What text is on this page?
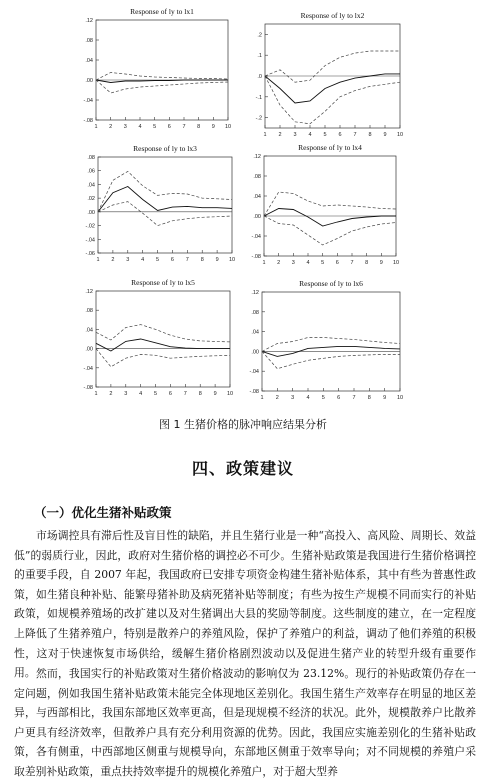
.12
.08
.04
.00
-.04
-.08
1 2 3 4 5 6 7 8 9 10
Response of ly to lx1
.2
.1
.0
-.1
-.2
1 2 3 4 5 6 7 8 9 10
Response of ly to lx2
.08
.06
.04
.02
.00
-.02
-.04
-.06
1 2 3 4 5 6 7 8 9 10
Response of ly to lx3
.12
.08
.04
.00
-.04
-.08
1 2 3 4 5 6 7 8 9 10
Response of ly to lx4
.12
.08
.04
.00
-.04
-.08
1 2 3 4 5 6 7 8 9 10
Response of ly to lx5
.12
.08
.04
.00
-.04
-.08
1 2 3 4 5 6 7 8 9 10
Response of ly to lx6
图 1 生猪价格的脉冲响应结果分析
四、政策建议
（一）优化生猪补贴政策

市场调控具有滞后性及盲目性的缺陷，并且生猪行业是一种“高投入、高风险、周期长、效益低”的弱质行业，因此，政府对生猪价格的调控必不可少。生猪补贴政策是我国进行生猪价格调控的重要手段，自 2007 年起，我国政府已安排专项资金构建生猪补贴体系，其中有些为普惠性政策，如生猪良种补贴、能繁母猪补助及病死猪补贴等制度；有些为按生产规模不同而实行的补贴政策，如规模养殖场的改扩建以及对生猪调出大县的奖励等制度。这些制度的建立，在一定程度上降低了生猪养殖户，特别是散养户的养殖风险，保护了养殖户的利益，调动了他们养殖的积极性，这对于快速恢复市场供给，缓解生猪价格剧烈波动以及促进生猪产业的转型升级有重要作用。 然而，我国实行的补贴政策对生猪价格波动的影响仅为 23.12%。现行的补贴政策仍存在一定问题，例如我国生猪补贴政策未能完全体现地区差别化。我国生猪生产效率存在明显的地区差异，与西部相比，我国东部地区效率更高，但是现规模不经济的状况。此外，规模散养户比散养户更具有经济效率，但散养户具有充分利用资源的优势。因此，我国应实施差别化的生猪补贴政策，各有侧重，中西部地区侧重与规模导向，东部地区侧重于效率导向；对不同规模的养殖户采取差别补贴政策，重点扶持效率提升的规模化养殖户，对于超大型养
